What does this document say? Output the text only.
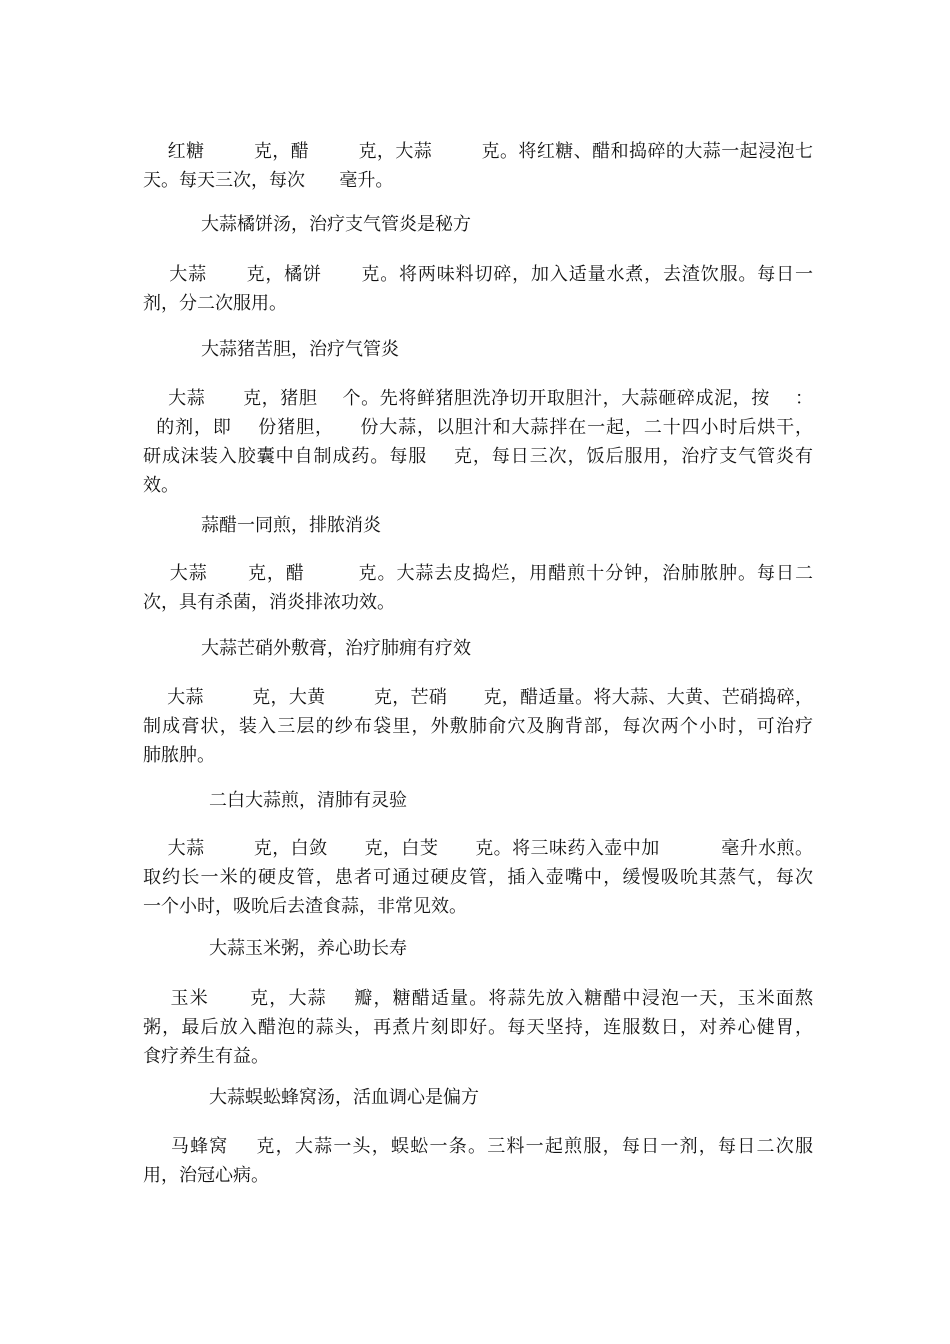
红糖        克，醋        克，大蒜        克。将红糖、醋和捣碎的大蒜一起浸泡七
天。每天三次，每次      毫升。
大蒜橘饼汤，治疗支气管炎是秘方
大蒜      克，橘饼      克。将两味料切碎，加入适量水煮，去渣饮服。每日一
剂，分二次服用。
大蒜猪苦胆，治疗气管炎
大蒜      克，猪胆    个。先将鲜猪胆洗净切开取胆汁，大蒜砸碎成泥，按    ：
的剂，即    份猪胆，    份大蒜，以胆汁和大蒜拌在一起，二十四小时后烘干，
研成沫装入胶囊中自制成药。每服    克，每日三次，饭后服用，治疗支气管炎有
效。
蒜醋一同煎，排脓消炎
大蒜      克，醋        克。大蒜去皮捣烂，用醋煎十分钟，治肺脓肿。每日二
次，具有杀菌，消炎排浓功效。
大蒜芒硝外敷膏，治疗肺痈有疗效
大蒜        克，大黄        克，芒硝      克，醋适量。将大蒜、大黄、芒硝捣碎，
制成膏状，装入三层的纱布袋里，外敷肺俞穴及胸背部，每次两个小时，可治疗
肺脓肿。
二白大蒜煎，清肺有灵验
大蒜        克，白敛      克，白芠      克。将三味药入壶中加          毫升水煎。
取约长一米的硬皮管，患者可通过硬皮管，插入壶嘴中，缓慢吸吮其蒸气，每次
一个小时，吸吮后去渣食蒜，非常见效。
大蒜玉米粥，养心助长寿
玉米      克，大蒜    瓣，糖醋适量。将蒜先放入糖醋中浸泡一天，玉米面熬
粥，最后放入醋泡的蒜头，再煮片刻即好。每天坚持，连服数日，对养心健胃，
食疗养生有益。
大蒜蜈蚣蜂窝汤，活血调心是偏方
马蜂窝    克，大蒜一头，蜈蚣一条。三料一起煎服，每日一剂，每日二次服
用，治冠心病。
